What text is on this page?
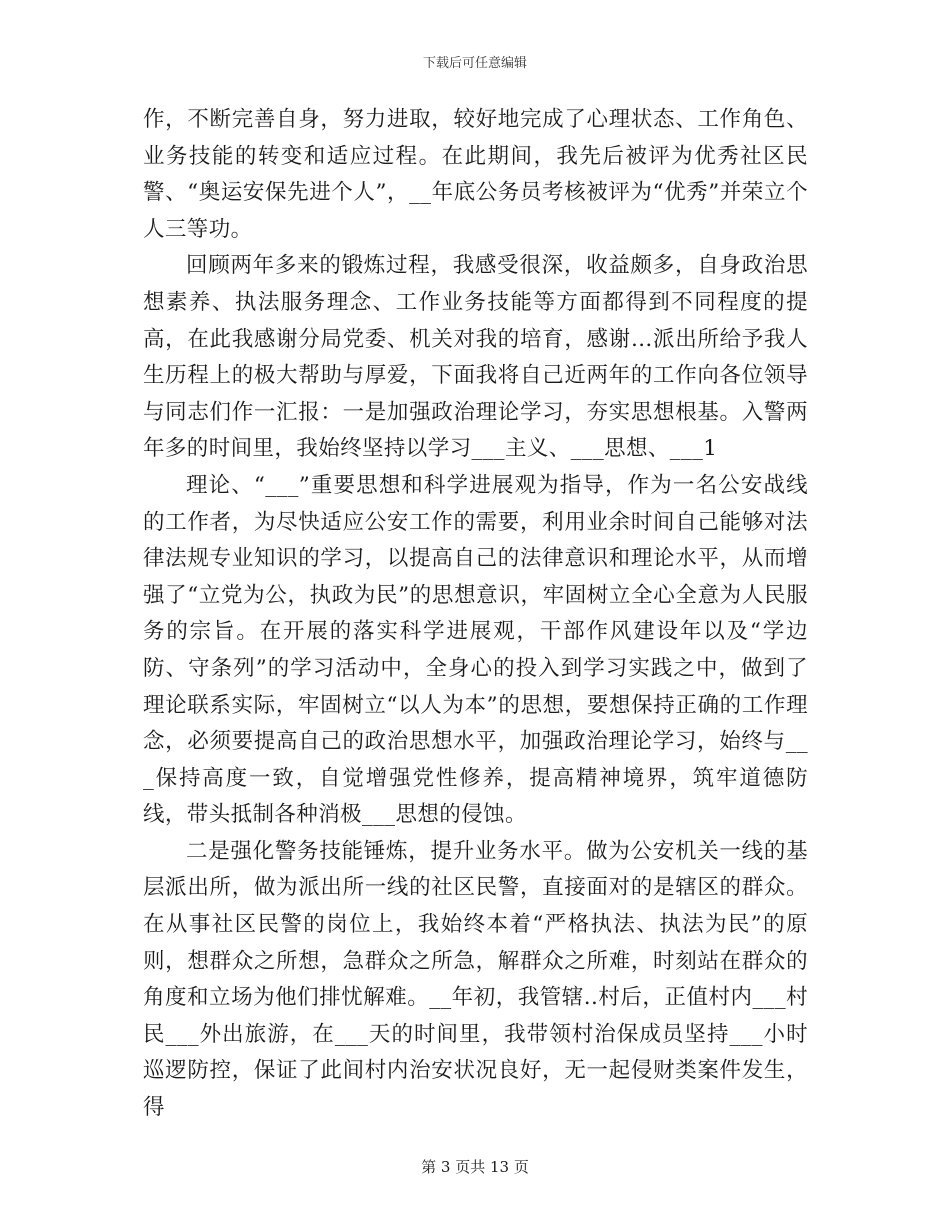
下载后可任意编辑

作，不断完善自身，努力进取，较好地完成了心理状态、工作角色、业务技能的转变和适应过程。在此期间，我先后被评为优秀社区民警、“奥运安保先进个人”，__年底公务员考核被评为“优秀”并荣立个人三等功。

回顾两年多来的锻炼过程，我感受很深，收益颇多，自身政治思想素养、执法服务理念、工作业务技能等方面都得到不同程度的提高，在此我感谢分局党委、机关对我的培育，感谢…派出所给予我人生历程上的极大帮助与厚爱，下面我将自己近两年的工作向各位领导与同志们作一汇报：一是加强政治理论学习，夯实思想根基。入警两年多的时间里，我始终坚持以学习___主义、___思想、___1

理论、“___”重要思想和科学进展观为指导，作为一名公安战线的工作者，为尽快适应公安工作的需要，利用业余时间自己能够对法律法规专业知识的学习，以提高自己的法律意识和理论水平，从而增强了“立党为公，执政为民”的思想意识，牢固树立全心全意为人民服务的宗旨。在开展的落实科学进展观，干部作风建设年以及“学边防、守条列”的学习活动中，全身心的投入到学习实践之中，做到了理论联系实际，牢固树立“以人为本”的思想，要想保持正确的工作理念，必须要提高自己的政治思想水平，加强政治理论学习，始终与___保持高度一致，自觉增强党性修养，提高精神境界，筑牢道德防线，带头抵制各种消极___思想的侵蚀。

二是强化警务技能锤炼，提升业务水平。做为公安机关一线的基层派出所，做为派出所一线的社区民警，直接面对的是辖区的群众。在从事社区民警的岗位上，我始终本着“严格执法、执法为民”的原则，想群众之所想，急群众之所急，解群众之所难，时刻站在群众的角度和立场为他们排忧解难。__年初，我管辖..村后，正值村内___村民___外出旅游，在___天的时间里，我带领村治保成员坚持___小时巡逻防控，保证了此间村内治安状况良好，无一起侵财类案件发生，得

第 3 页共 13 页
